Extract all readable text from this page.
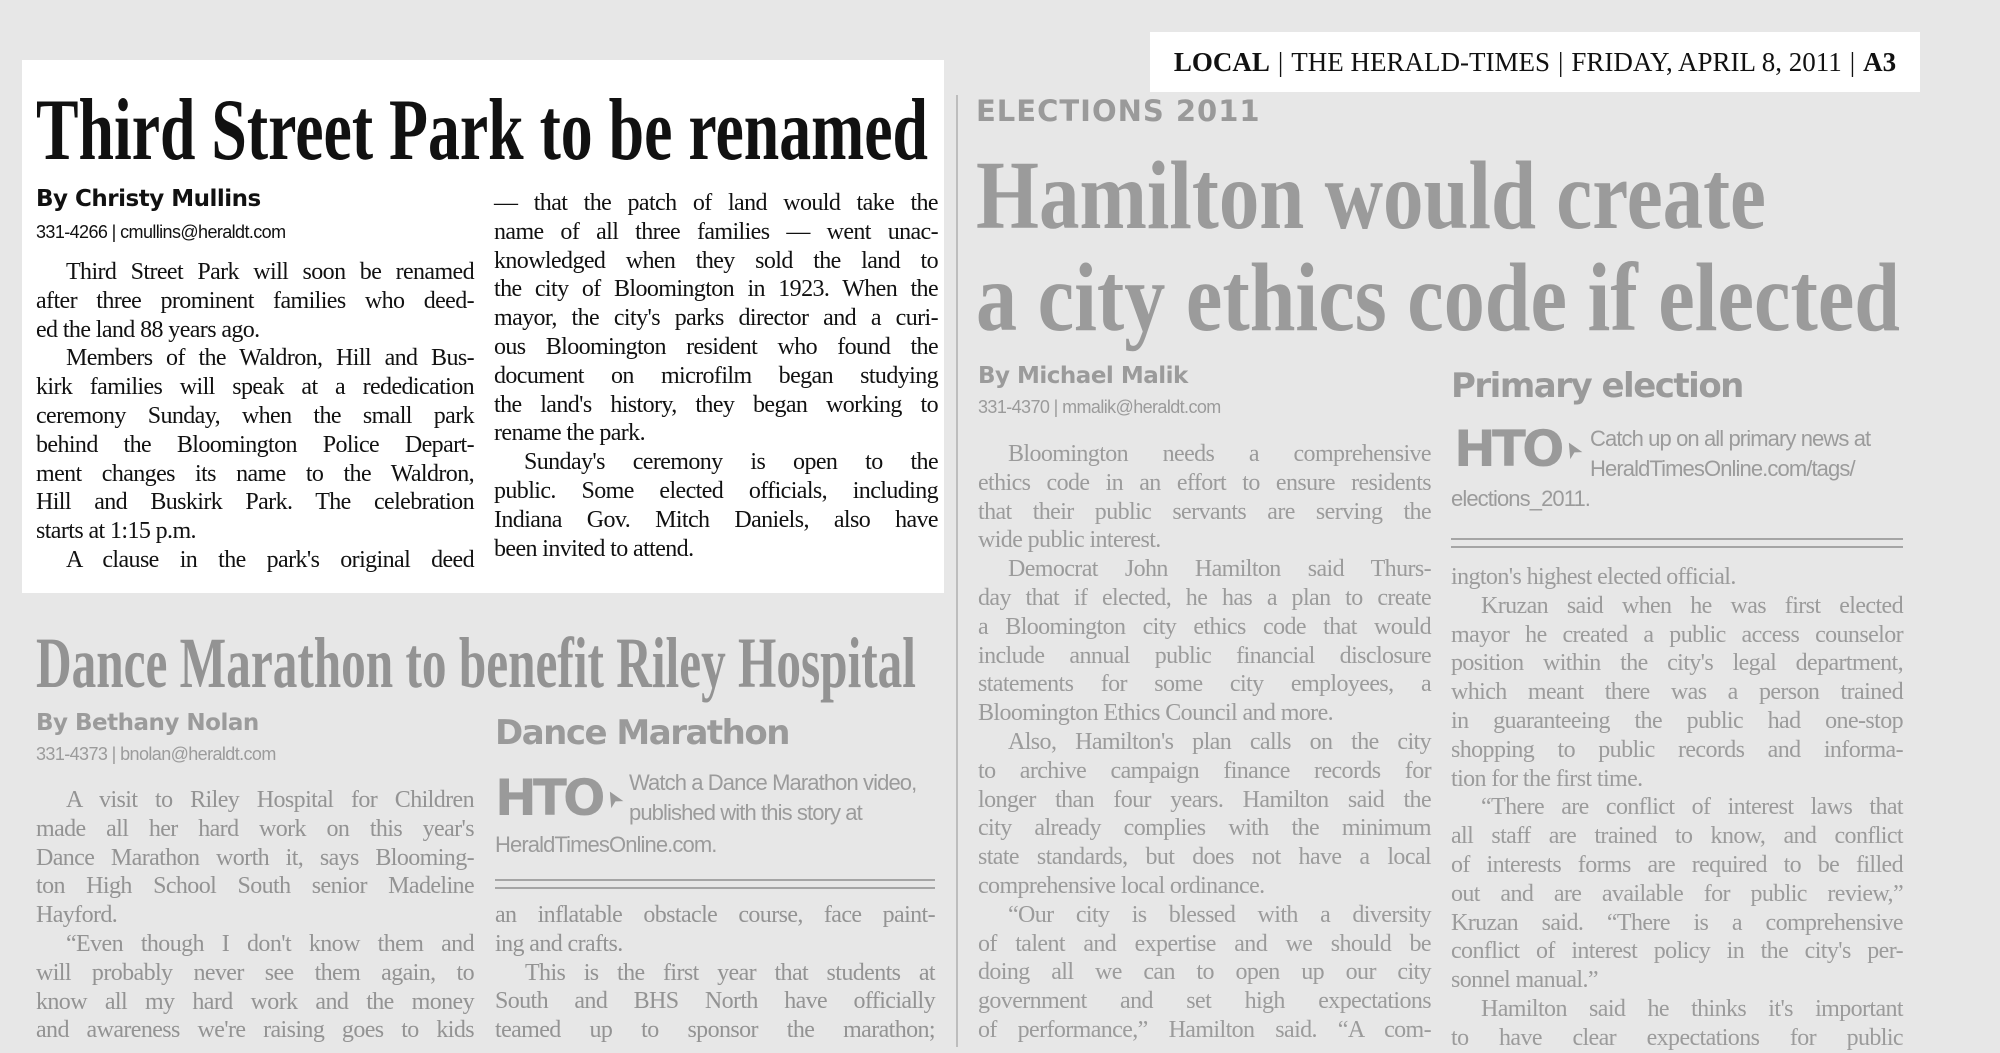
LOCAL | THE HERALD-TIMES | FRIDAY, APRIL 8, 2011 | A3
Third Street Park to be renamed
By Christy Mullins
331-4266 | cmullins@heraldt.com
Third Street Park will soon be renamed
after three prominent families who deed-
ed the land 88 years ago.
Members of the Waldron, Hill and Bus-
kirk families will speak at a rededication
ceremony Sunday, when the small park
behind the Bloomington Police Depart-
ment changes its name to the Waldron,
Hill and Buskirk Park. The celebration
starts at 1:15 p.m.
A clause in the park's original deed
— that the patch of land would take the
name of all three families — went unac-
knowledged when they sold the land to
the city of Bloomington in 1923. When the
mayor, the city's parks director and a curi-
ous Bloomington resident who found the
document on microfilm began studying
the land's history, they began working to
rename the park.
Sunday's ceremony is open to the
public. Some elected officials, including
Indiana Gov. Mitch Daniels, also have
been invited to attend.
ELECTIONS 2011
Hamilton would create
a city ethics code if elected
By Michael Malik
331-4370 | mmalik@heraldt.com
Bloomington needs a comprehensive
ethics code in an effort to ensure residents
that their public servants are serving the
wide public interest.
Democrat John Hamilton said Thurs-
day that if elected, he has a plan to create
a Bloomington city ethics code that would
include annual public financial disclosure
statements for some city employees, a
Bloomington Ethics Council and more.
Also, Hamilton's plan calls on the city
to archive campaign finance records for
longer than four years. Hamilton said the
city already complies with the minimum
state standards, but does not have a local
comprehensive local ordinance.
“Our city is blessed with a diversity
of talent and expertise and we should be
doing all we can to open up our city
government and set high expectations
of performance,” Hamilton said. “A com-
Primary election
HTO
➤ Catch up on all primary news at
HeraldTimesOnline.com/tags/
elections_2011.
ington's highest elected official.
Kruzan said when he was first elected
mayor he created a public access counselor
position within the city's legal department,
which meant there was a person trained
in guaranteeing the public had one-stop
shopping to public records and informa-
tion for the first time.
“There are conflict of interest laws that
all staff are trained to know, and conflict
of interests forms are required to be filled
out and are available for public review,”
Kruzan said. “There is a comprehensive
conflict of interest policy in the city's per-
sonnel manual.”
Hamilton said he thinks it's important
to have clear expectations for public
Dance Marathon to benefit Riley Hospital
By Bethany Nolan
331-4373 | bnolan@heraldt.com
A visit to Riley Hospital for Children
made all her hard work on this year's
Dance Marathon worth it, says Blooming-
ton High School South senior Madeline
Hayford.
“Even though I don't know them and
will probably never see them again, to
know all my hard work and the money
and awareness we're raising goes to kids
Dance Marathon
HTO
➤
Watch a Dance Marathon video,
published with this story at
HeraldTimesOnline.com.
an inflatable obstacle course, face paint-
ing and crafts.
This is the first year that students at
South and BHS North have officially
teamed up to sponsor the marathon;
